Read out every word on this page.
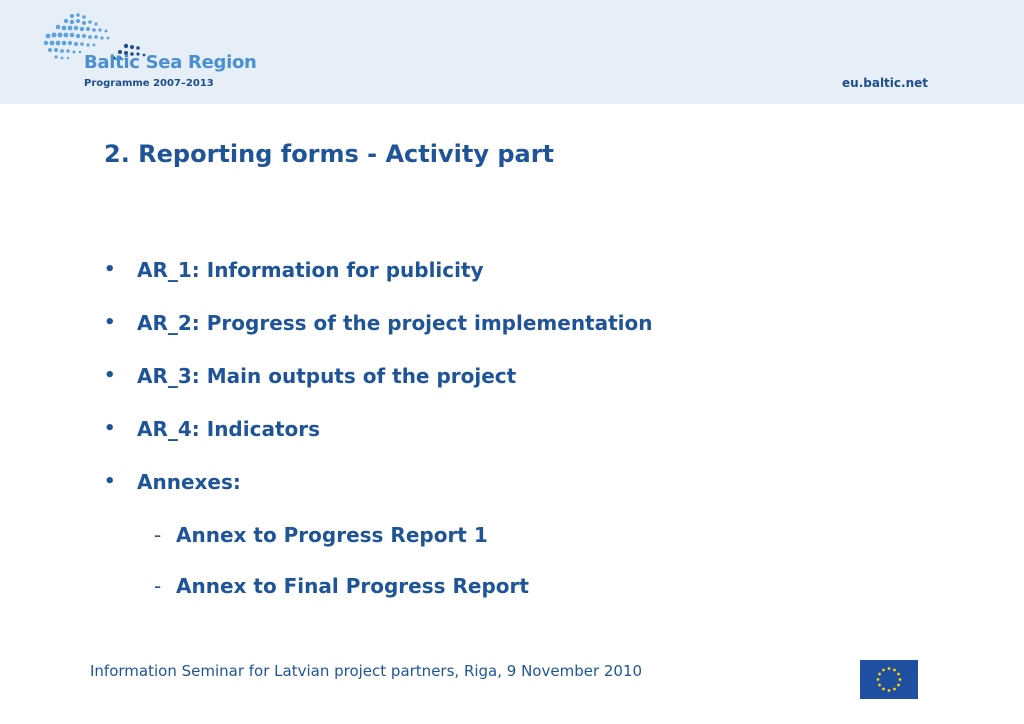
Baltic Sea Region
Programme 2007–2013	eu.baltic.net
2. Reporting forms - Activity part
•	AR_1: Information for publicity
•	AR_2: Progress of the project implementation
•	AR_3: Main outputs of the project
•	AR_4: Indicators
•	Annexes:
- Annex to Progress Report 1
- Annex to Final Progress Report
Information Seminar for Latvian project partners, Riga, 9 November 2010
